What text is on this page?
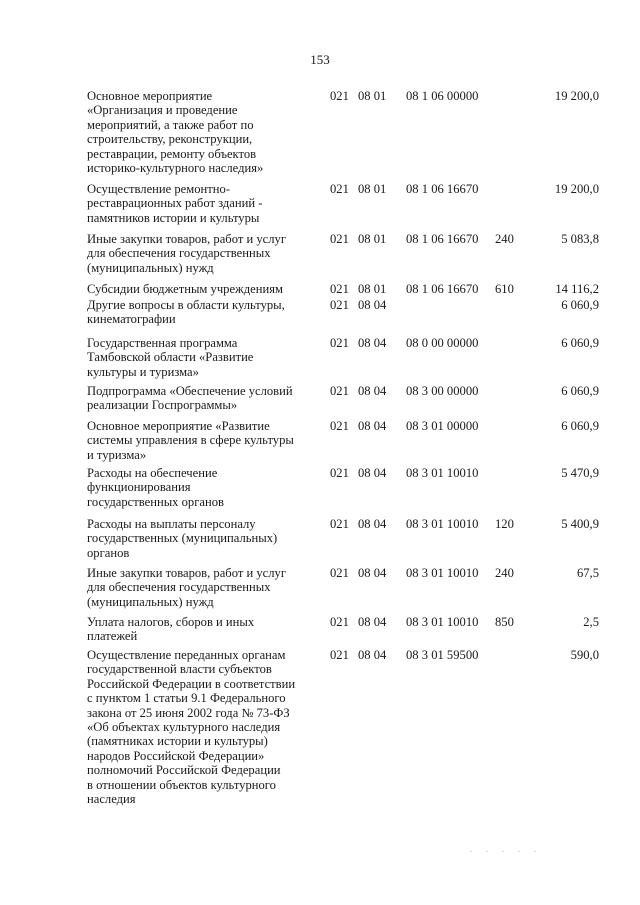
153
Основное мероприятие
«Организация и проведение
мероприятий, а также работ по
строительству, реконструкции,
реставрации, ремонту объектов
историко-культурного наследия»
021 08 01 08 1 06 00000	19 200,0
Осуществление ремонтно-
реставрационных работ зданий -
памятников истории и культуры
021 08 01 08 1 06 16670	19 200,0
Иные закупки товаров, работ и услуг
для обеспечения государственных
(муниципальных) нужд
021 08 01 08 1 06 16670 240	5 083,8
Субсидии бюджетным учреждениям	021 08 01 08 1 06 16670 610	14 116,2
Другие вопросы в области культуры,
кинематографии
021 08 04	6 060,9
Государственная программа
Тамбовской области «Развитие
культуры и туризма»
021 08 04 08 0 00 00000	6 060,9
Подпрограмма «Обеспечение условий
реализации Госпрограммы»
021 08 04 08 3 00 00000	6 060,9
Основное мероприятие «Развитие
системы управления в сфере культуры
и туризма»
021 08 04 08 3 01 00000	6 060,9
Расходы на обеспечение
функционирования
государственных органов
021 08 04 08 3 01 10010	5 470,9
Расходы на выплаты персоналу
государственных (муниципальных)
органов
021 08 04 08 3 01 10010 120	5 400,9
Иные закупки товаров, работ и услуг
для обеспечения государственных
(муниципальных) нужд
021 08 04 08 3 01 10010 240	67,5
Уплата налогов, сборов и иных
платежей
021 08 04 08 3 01 10010 850	2,5
Осуществление переданных органам
государственной власти субъектов
Российской Федерации в соответствии
с пунктом 1 статьи 9.1 Федерального
закона от 25 июня 2002 года № 73-ФЗ
«Об объектах культурного наследия
(памятниках истории и культуры)
народов Российской Федерации»
полномочий Российской Федерации
в отношении объектов культурного
наследия
021 08 04 08 3 01 59500	590,0
. . . . .
